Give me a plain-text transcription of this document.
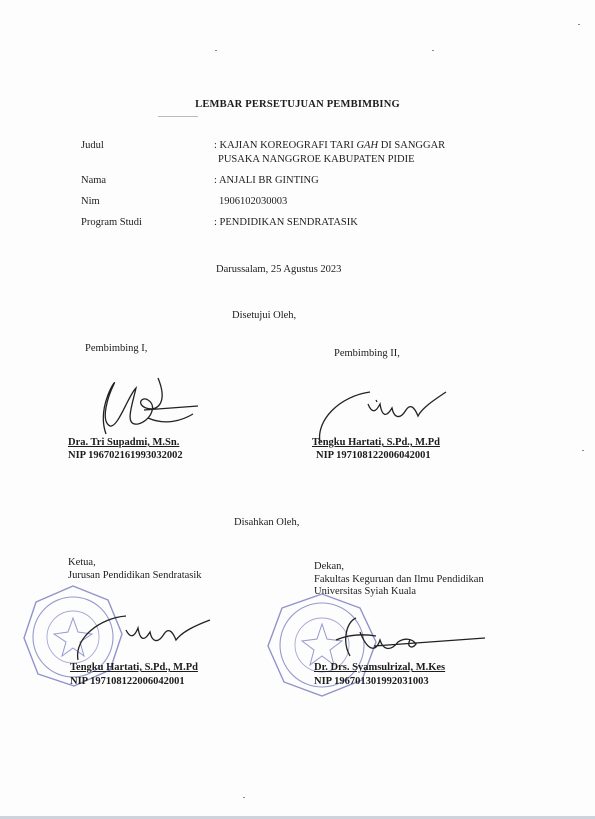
LEMBAR PERSETUJUAN PEMBIMBING
Judul	: KAJIAN KOREOGRAFI TARI GAH DI SANGGAR
PUSAKA NANGGROE KABUPATEN PIDIE
Nama	: ANJALI BR GINTING
Nim	1906102030003
Program Studi	: PENDIDIKAN SENDRATASIK
Darussalam, 25 Agustus 2023
Disetujui Oleh,
Pembimbing I,
Dra. Tri Supadmi, M.Sn.
NIP 196702161993032002
Pembimbing II,
Tengku Hartati, S.Pd., M.Pd
NIP 197108122006042001
Disahkan Oleh,
Ketua,
Jurusan Pendidikan Sendratasik
Tengku Hartati, S.Pd., M.Pd
NIP 197108122006042001
Dekan,
Fakultas Keguruan dan Ilmu Pendidikan
Universitas Syiah Kuala
Dr. Drs. Syamsulrizal, M.Kes
NIP 196701301992031003
